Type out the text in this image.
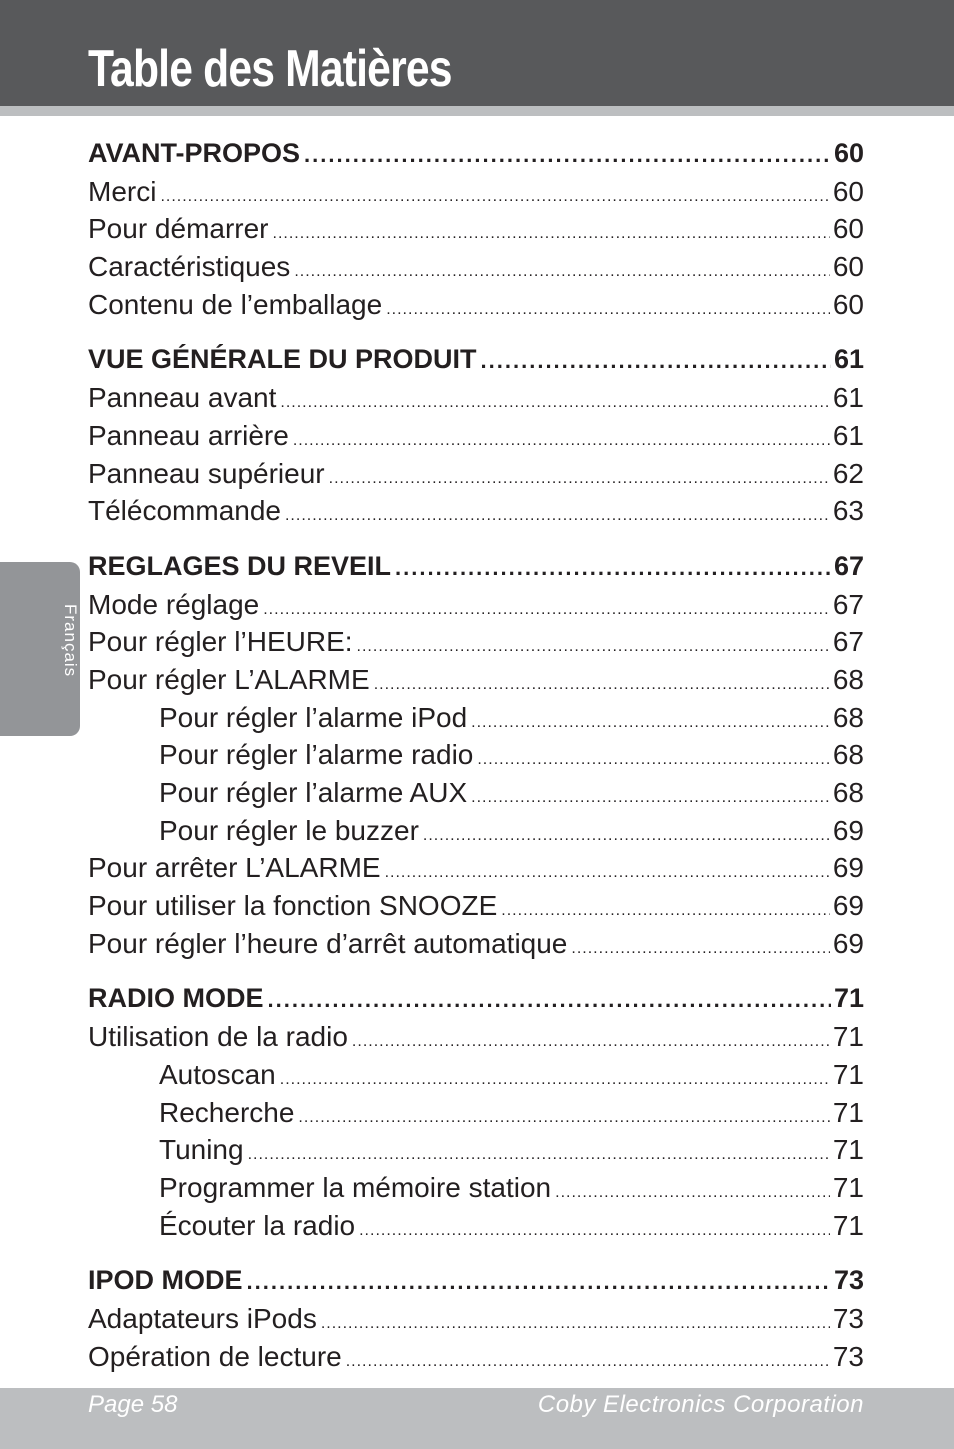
Table des Matières
Français
AVANT-PROPOS .....	60
Merci .....	60
Pour démarrer .....	60
Caractéristiques .....	60
Contenu de l’emballage .....	60
VUE GÉNÉRALE DU PRODUIT .....	61
Panneau avant .....	61
Panneau arrière .....	61
Panneau supérieur .....	62
Télécommande .....	63
REGLAGES DU REVEIL .....	67
Mode réglage .....	67
Pour régler l’HEURE: .....	67
Pour régler L’ALARME .....	68
Pour régler l’alarme iPod .....	68
Pour régler l’alarme radio .....	68
Pour régler l’alarme AUX .....	68
Pour régler le buzzer .....	69
Pour arrêter L’ALARME .....	69
Pour utiliser la fonction SNOOZE .....	69
Pour régler l’heure d’arrêt automatique .....	69
RADIO MODE .....	71
Utilisation de la radio .....	71
Autoscan .....	71
Recherche .....	71
Tuning .....	71
Programmer la mémoire station .....	71
Écouter la radio .....	71
IPOD MODE .....	73
Adaptateurs iPods .....	73
Opération de lecture .....	73
Page 58	Coby Electronics Corporation
